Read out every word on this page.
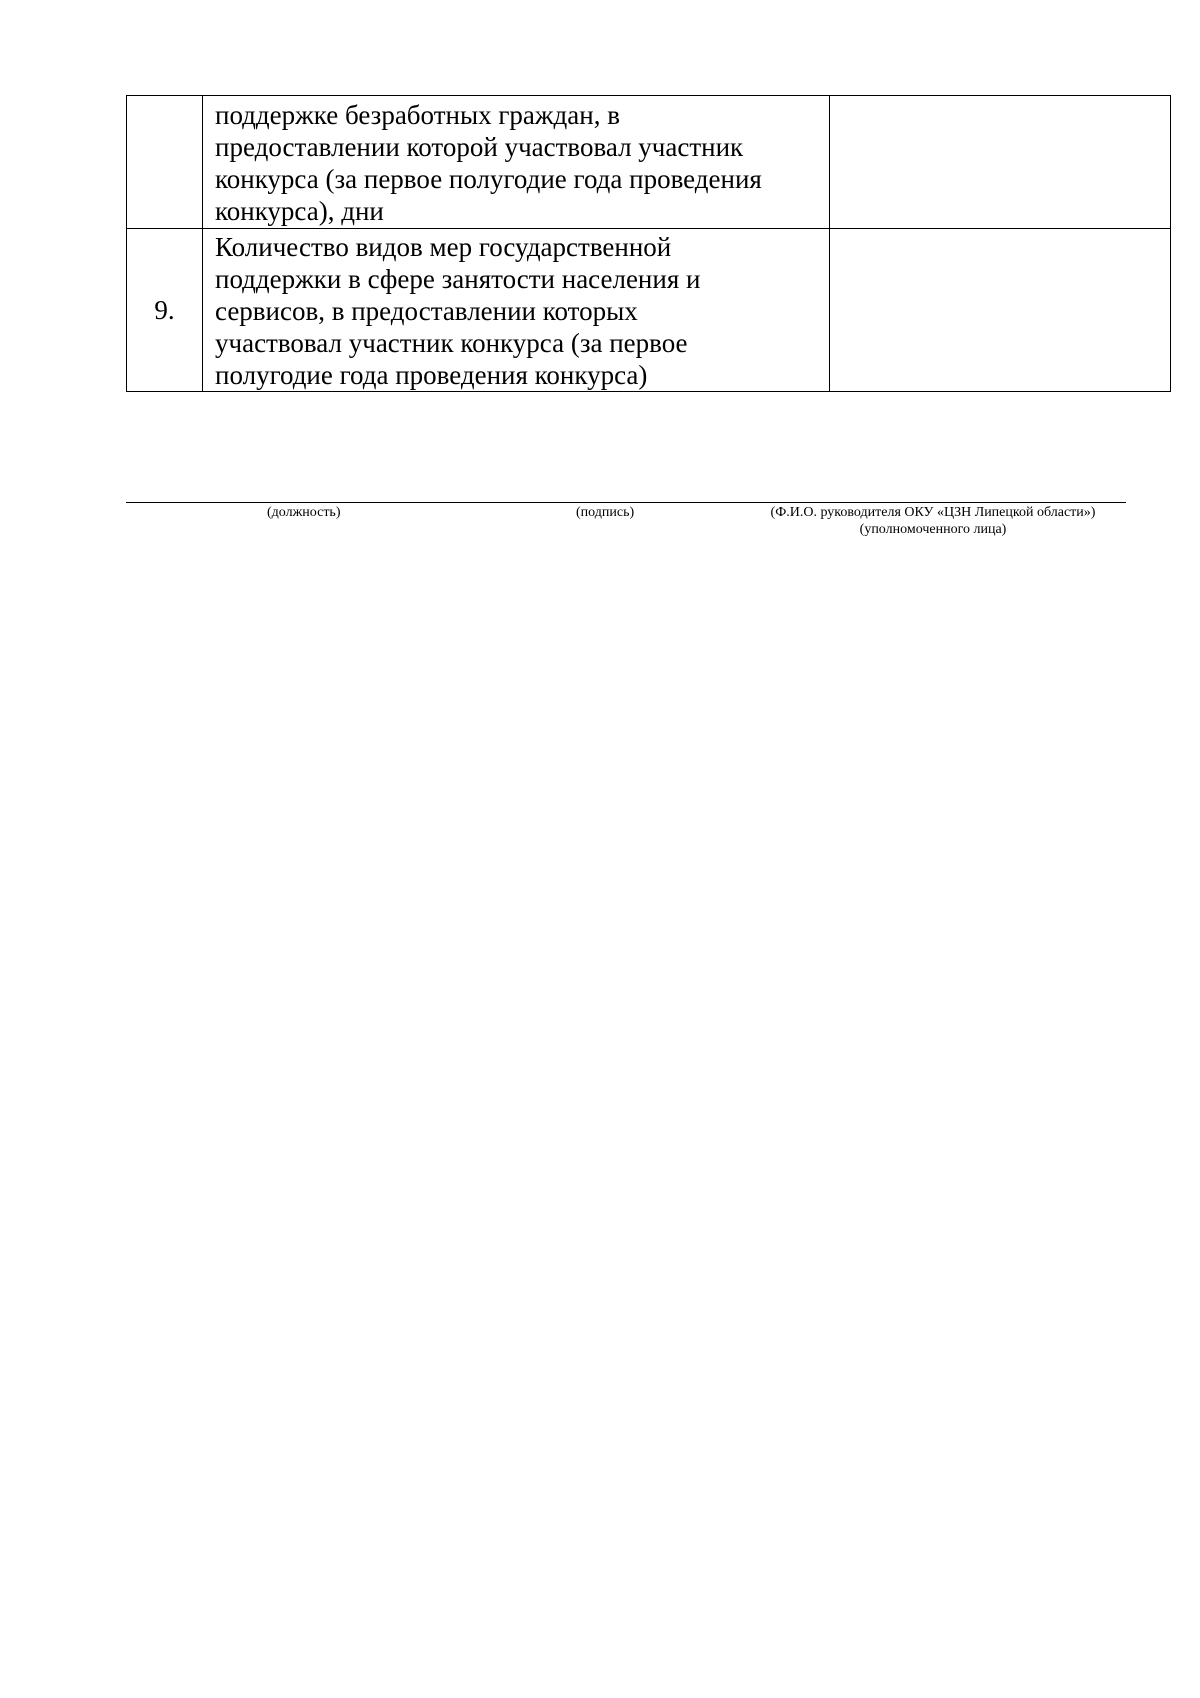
	поддержке безработных граждан, в
предоставлении которой участвовал участник
конкурса (за первое полугодие года проведения
конкурса), дни	

9.	Количество видов мер государственной
поддержки в сфере занятости населения и
сервисов, в предоставлении которых
участвовал участник конкурса (за первое
полугодие года проведения конкурса)	

(должность)	(подпись)	(Ф.И.О. руководителя ОКУ «ЦЗН Липецкой области»)
(уполномоченного лица)
